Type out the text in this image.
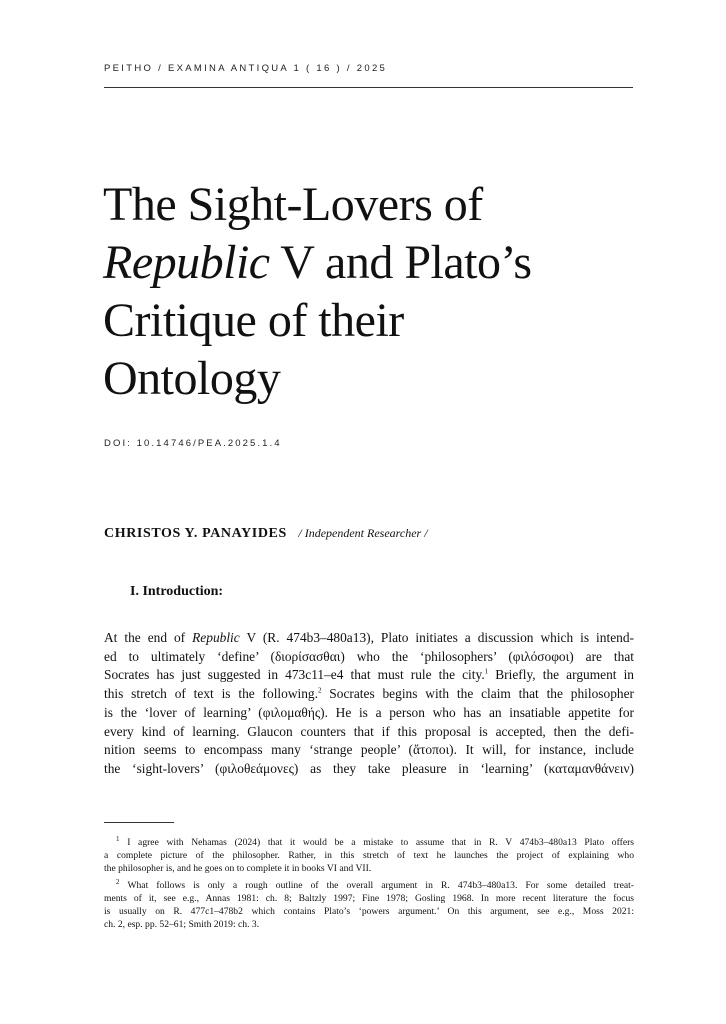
PEITHO / EXAMINA ANTIQUA 1 ( 16 ) / 2025
The Sight-Lovers of
Republic V and Plato’s
Critique of their
Ontology
DOI: 10.14746/PEA.2025.1.4
CHRISTOS Y. PANAYIDES / Independent Researcher /
I. Introduction:
At the end of Republic V (R. 474b3–480a13), Plato initiates a discussion which is intend-
ed to ultimately ‘define’ (διορίσασθαι) who the ‘philosophers’ (φιλόσοφοι) are that
Socrates has just suggested in 473c11–e4 that must rule the city.$^1$ Briefly, the argument in
this stretch of text is the following.$^2$ Socrates begins with the claim that the philosopher
is the ‘lover of learning’ (φιλομαθής). He is a person who has an insatiable appetite for
every kind of learning. Glaucon counters that if this proposal is accepted, then the defi-
nition seems to encompass many ‘strange people’ (ἄτοποι). It will, for instance, include
the ‘sight-lovers’ (φιλοθεάμονες) as they take pleasure in ‘learning’ (καταμανθάνειν)
$^1$ I agree with Nehamas (2024) that it would be a mistake to assume that in R. V 474b3–480a13 Plato offers
a complete picture of the philosopher. Rather, in this stretch of text he launches the project of explaining who
the philosopher is, and he goes on to complete it in books VI and VII.
$^2$ What follows is only a rough outline of the overall argument in R. 474b3–480a13. For some detailed treat-
ments of it, see e.g., Annas 1981: ch. 8; Baltzly 1997; Fine 1978; Gosling 1968. In more recent literature the focus
is usually on R. 477c1–478b2 which contains Plato’s ‘powers argument.’ On this argument, see e.g., Moss 2021:
ch. 2, esp. pp. 52–61; Smith 2019: ch. 3.
